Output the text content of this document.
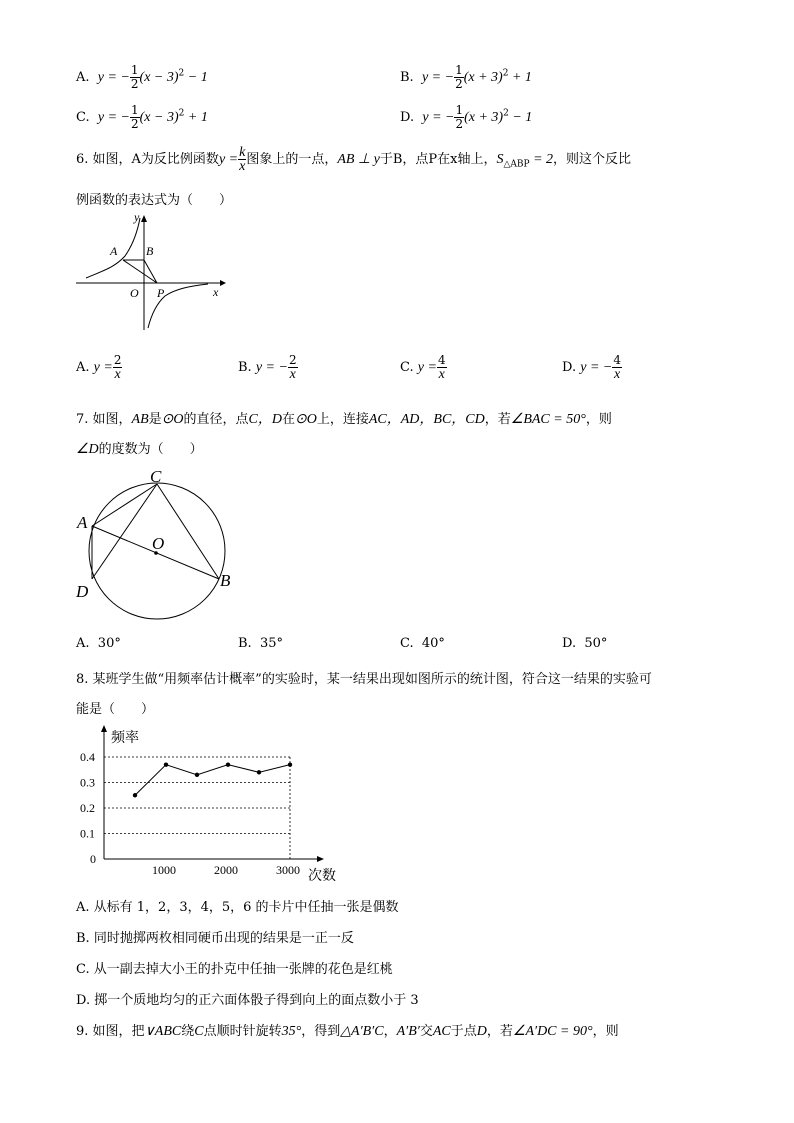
A. y = − $\frac{1}{2} (x - 3)^2 - 1$	B. y = − $\frac{1}{2} (x + 3)^2 + 1$
C. y = − $\frac{1}{2} (x - 3)^2 + 1$	D. y = − $\frac{1}{2} (x + 3)^2 - 1$
6. 如图，A为反比例函数$y = \frac{k}{x}$ 图象上的一点，AB ⊥ y于B，点P在x轴上，$S_{\triangle ABP} = 2$，则这个反比
例函数的表达式为（　　）
y
A B
O P	x
A. $y = \frac{2}{x}$	B. y = − $\frac{2}{x}$	C. $y = \frac{4}{x}$	D. y = − $\frac{4}{x}$
7. 如图，AB是⊙O的直径，点C，D在⊙O上，连接AC，AD，BC，CD，若∠BAC = 50°，则
∠D的度数为（　　）
C
A
O
B
D
A. 30°	B. 35°	C. 40°	D. 50°
8. 某班学生做“用频率估计概率”的实验时，某一结果出现如图所示的统计图，符合这一结果的实验可
能是（　　）
频率
次数
0
0.4
0.3
0.2
0.1
1000	2000	3000
A. 从标有 1，2，3，4，5，6 的卡片中任抽一张是偶数
B. 同时抛掷两枚相同硬币出现的结果是一正一反
C. 从一副去掉大小王的扑克中任抽一张牌的花色是红桃
D. 掷一个质地均匀的正六面体骰子得到向上的面点数小于 3
9. 如图，把∨ABC绕C点顺时针旋转35°，得到△A′B′C，A′B′交AC于点D，若∠A′DC = 90°，则
